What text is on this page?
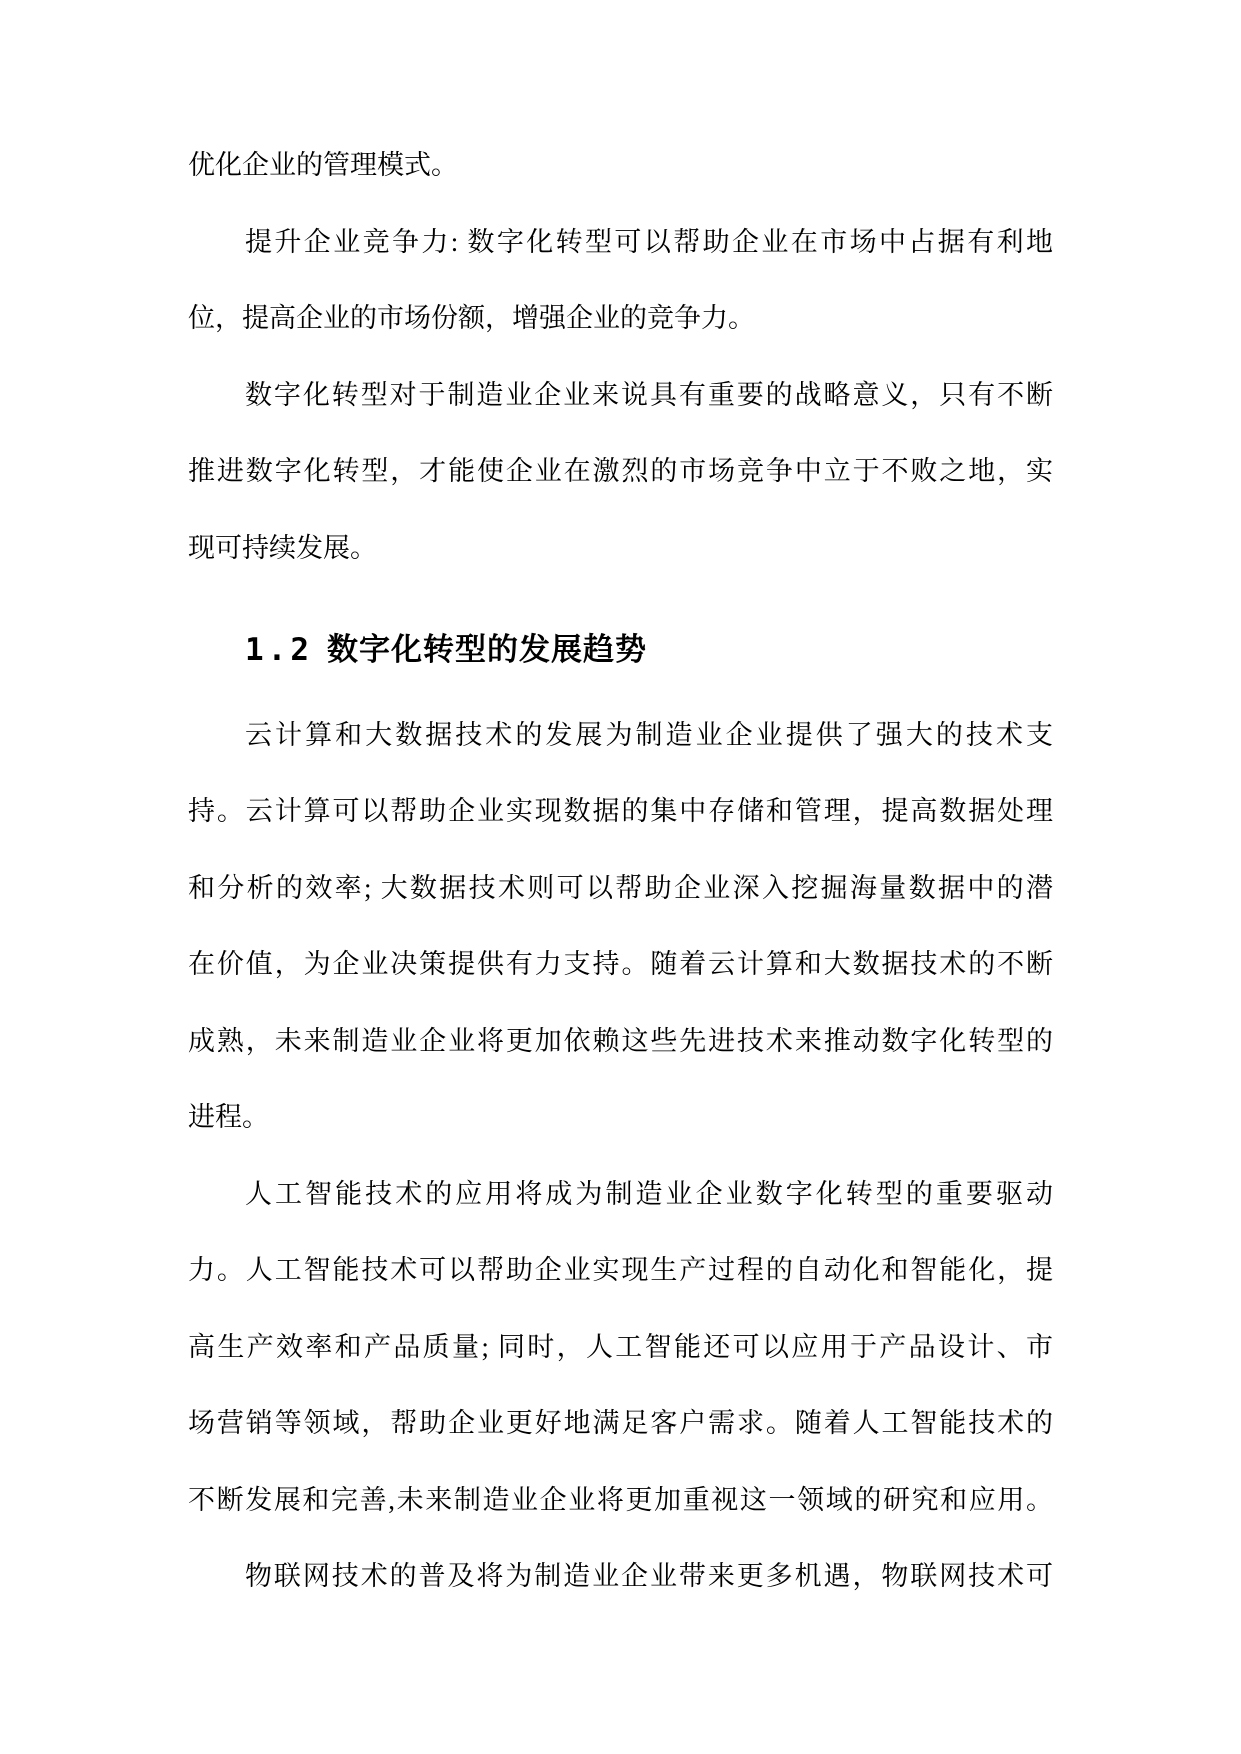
优化企业的管理模式。
提升企业竞争力: 数字化转型可以帮助企业在市场中占据有利地
位，提高企业的市场份额，增强企业的竞争力。
数字化转型对于制造业企业来说具有重要的战略意义，只有不断
推进数字化转型，才能使企业在激烈的市场竞争中立于不败之地，实
现可持续发展。
1.2 数字化转型的发展趋势
云计算和大数据技术的发展为制造业企业提供了强大的技术支
持。云计算可以帮助企业实现数据的集中存储和管理，提高数据处理
和分析的效率; 大数据技术则可以帮助企业深入挖掘海量数据中的潜
在价值，为企业决策提供有力支持。随着云计算和大数据技术的不断
成熟，未来制造业企业将更加依赖这些先进技术来推动数字化转型的
进程。
人工智能技术的应用将成为制造业企业数字化转型的重要驱动
力。人工智能技术可以帮助企业实现生产过程的自动化和智能化，提
高生产效率和产品质量; 同时，人工智能还可以应用于产品设计、市
场营销等领域，帮助企业更好地满足客户需求。随着人工智能技术的
不断发展和完善,未来制造业企业将更加重视这一领域的研究和应用。
物联网技术的普及将为制造业企业带来更多机遇，物联网技术可
